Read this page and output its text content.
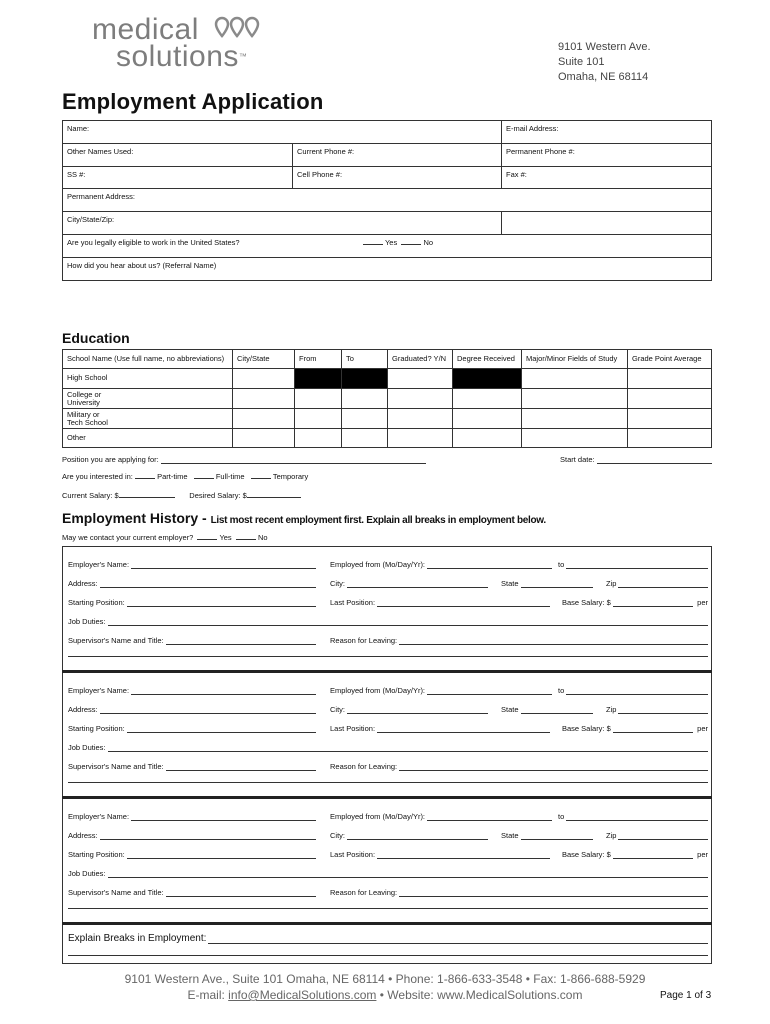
medical
solutions™
9101 Western Ave.
Suite 101
Omaha, NE 68114
Employment Application
Name:		E-mail Address:
Other Names Used:	Current Phone #:	Permanent Phone #:
SS #:	Cell Phone #:	Fax #:
Permanent Address:		
City/State/Zip:		
Are you legally eligible to work in the United States? Yes No		

How did you hear about us? (Referral Name)		
Education
School Name (Use full name, no abbreviations)	City/State	From	To	Graduated? Y/N	Degree Received	Major/Minor Fields of Study	Grade Point Average
High School							
College or University							
Military or Tech School							
Other							
Position you are applying for:	Start date:
Are you interested in:	Part-time	Full-time	Temporary
Current Salary: $	Desired Salary: $
Employment History - List most recent employment first. Explain all breaks in employment below.
May we contact your current employer?	Yes	No
Employer's Name:	Employed from (Mo/Day/Yr):	to
Address:	City:	State	Zip
Starting Position:	Last Position:	Base Salary: $	per
Job Duties:
Supervisor's Name and Title:	Reason for Leaving:
Employer's Name:	Employed from (Mo/Day/Yr):	to
Address:	City:	State	Zip
Starting Position:	Last Position:	Base Salary: $	per
Job Duties:
Supervisor's Name and Title:	Reason for Leaving:
Employer's Name:	Employed from (Mo/Day/Yr):	to
Address:	City:	State	Zip
Starting Position:	Last Position:	Base Salary: $	per
Job Duties:
Supervisor's Name and Title:	Reason for Leaving:
Explain Breaks in Employment:
9101 Western Ave., Suite 101 Omaha, NE 68114 • Phone: 1-866-633-3548 • Fax: 1-866-688-5929
E-mail: info@MedicalSolutions.com • Website: www.MedicalSolutions.com	Page 1 of 3
